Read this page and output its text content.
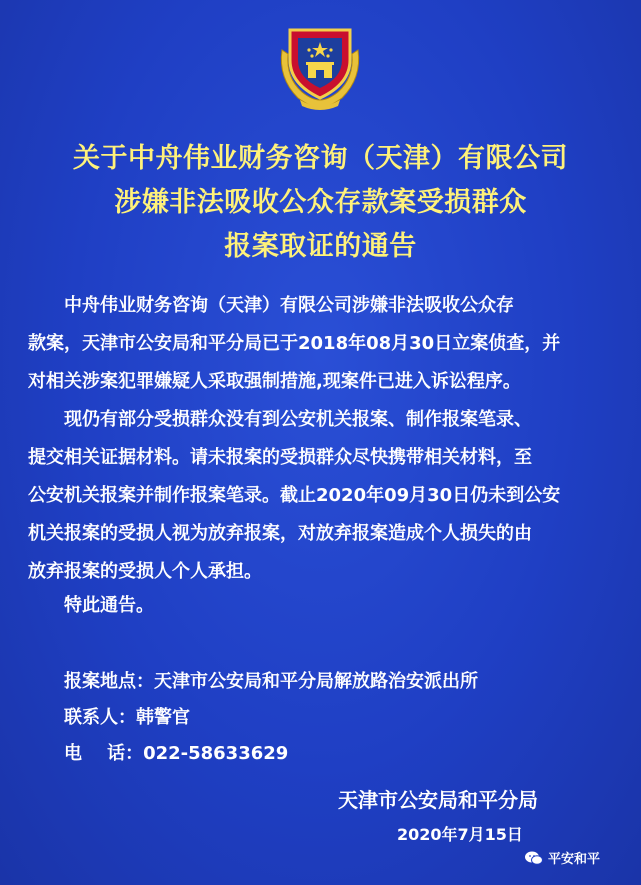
关于中舟伟业财务咨询（天津）有限公司
涉嫌非法吸收公众存款案受损群众
报案取证的通告
中舟伟业财务咨询（天津）有限公司涉嫌非法吸收公众存
款案，天津市公安局和平分局已于2018年08月30日立案侦查，并
对相关涉案犯罪嫌疑人采取强制措施,现案件已进入诉讼程序。
现仍有部分受损群众没有到公安机关报案、制作报案笔录、
提交相关证据材料。请未报案的受损群众尽快携带相关材料，至
公安机关报案并制作报案笔录。截止2020年09月30日仍未到公安
机关报案的受损人视为放弃报案，对放弃报案造成个人损失的由
放弃报案的受损人个人承担。
特此通告。
报案地点：天津市公安局和平分局解放路治安派出所
联系人：韩警官
电    话：022-58633629
天津市公安局和平分局
2020年7月15日
平安和平
